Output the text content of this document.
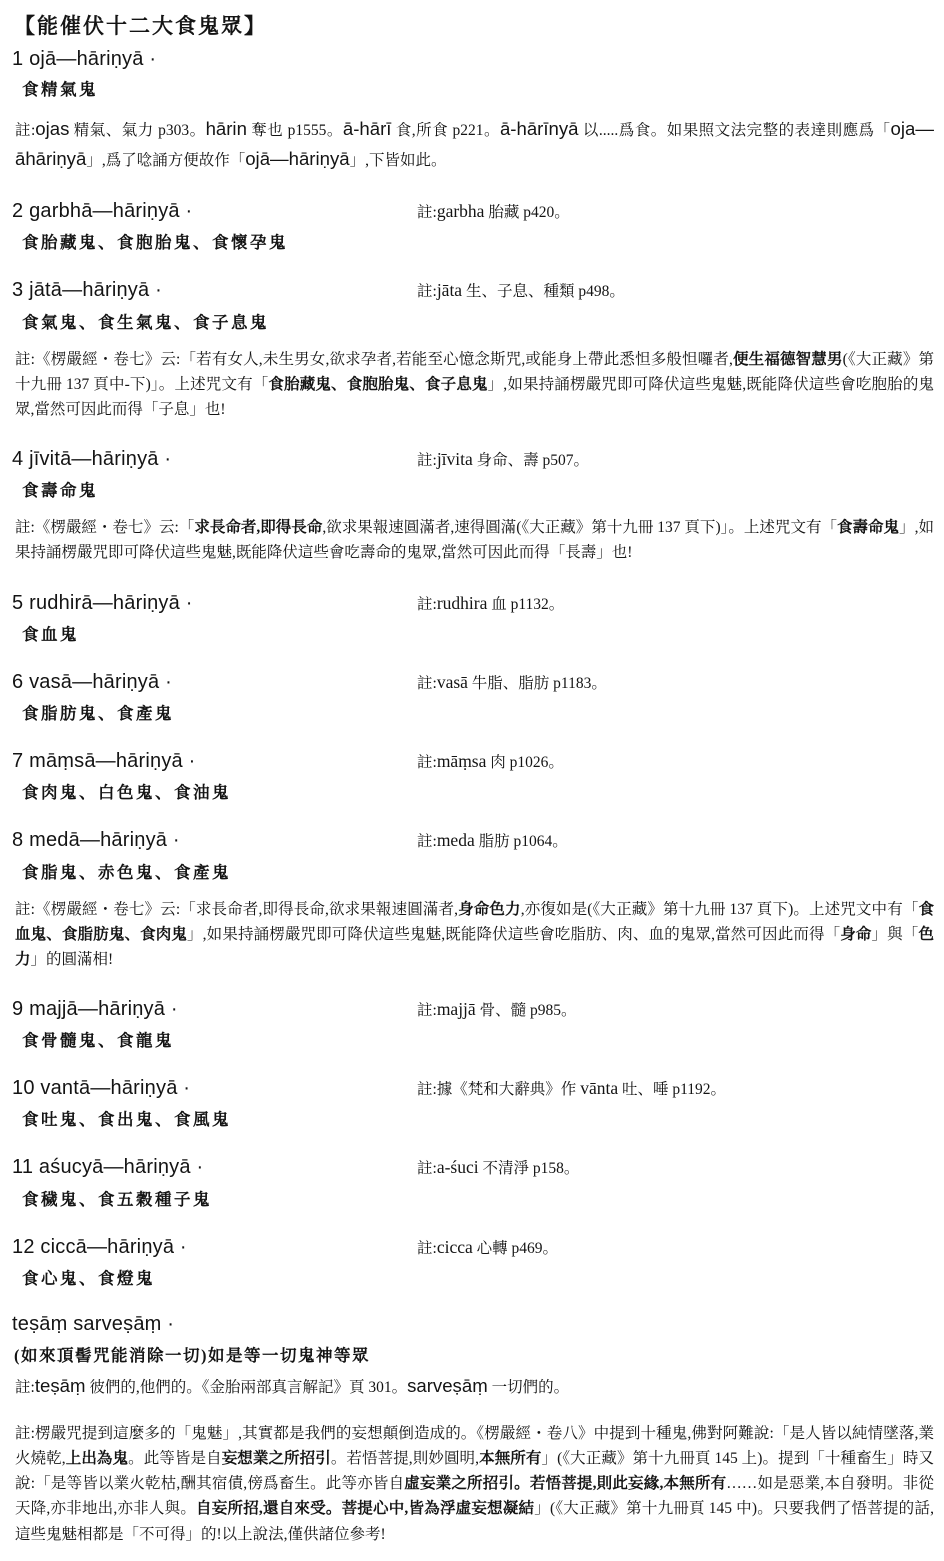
【能催伏十二大食鬼眾】
1 ojā—hāriṇyā ·
食精氣鬼

註:ojas 精氣、氣力 p303。hārin 奪也 p1555。ā-hārī 食,所食 p221。ā-hārīnyā 以.....爲食。如果照文法完整的表達則應爲「oja—āhāriṇyā」,爲了唸誦方便故作「ojā—hāriṇyā」,下皆如此。

2 garbhā—hāriṇyā ·	註:garbha 胎藏 p420。
食胎藏鬼、食胞胎鬼、食懷孕鬼
3 jātā—hāriṇyā ·	註:jāta 生、子息、種類 p498。
食氣鬼、食生氣鬼、食子息鬼

註:《楞嚴經・卷七》云:「若有女人,未生男女,欲求孕者,若能至心憶念斯咒,或能身上帶此悉怛多般怛囉者,便生福德智慧男(《大正藏》第十九冊 137 頁中-下)」。上述咒文有「食胎藏鬼、食胞胎鬼、食子息鬼」,如果持誦楞嚴咒即可降伏這些鬼魅,既能降伏這些會吃胞胎的鬼眾,當然可因此而得「子息」也!

4 jīvitā—hāriṇyā ·	註:jīvita 身命、壽 p507。
食壽命鬼

註:《楞嚴經・卷七》云:「求長命者,即得長命,欲求果報速圓滿者,速得圓滿(《大正藏》第十九冊 137 頁下)」。上述咒文有「食壽命鬼」,如果持誦楞嚴咒即可降伏這些鬼魅,既能降伏這些會吃壽命的鬼眾,當然可因此而得「長壽」也!

5 rudhirā—hāriṇyā ·	註:rudhira 血 p1132。
食血鬼
6 vasā—hāriṇyā ·	註:vasā 牛脂、脂肪 p1183。
食脂肪鬼、食產鬼
7 māṃsā—hāriṇyā ·	註:māṃsa 肉 p1026。
食肉鬼、白色鬼、食油鬼
8 medā—hāriṇyā ·	註:meda 脂肪 p1064。
食脂鬼、赤色鬼、食產鬼

註:《楞嚴經・卷七》云:「求長命者,即得長命,欲求果報速圓滿者,身命色力,亦復如是(《大正藏》第十九冊 137 頁下)。上述咒文中有「食血鬼、食脂肪鬼、食肉鬼」,如果持誦楞嚴咒即可降伏這些鬼魅,既能降伏這些會吃脂肪、肉、血的鬼眾,當然可因此而得「身命」與「色力」的圓滿相!

9 majjā—hāriṇyā ·	註:majjā 骨、髓 p985。
食骨髓鬼、食龍鬼
10 vantā—hāriṇyā ·	註:據《梵和大辭典》作 vānta 吐、唾 p1192。
食吐鬼、食出鬼、食風鬼
11 aśucyā—hāriṇyā ·	註:a-śuci 不清淨 p158。
食穢鬼、食五穀種子鬼
12 ciccā—hāriṇyā ·	註:cicca 心轉 p469。
食心鬼、食燈鬼
teṣāṃ sarveṣāṃ ·
(如來頂髻咒能消除一切)如是等一切鬼神等眾

註:teṣāṃ 彼們的,他們的。《金胎兩部真言解記》頁 301。sarveṣāṃ 一切們的。

註:楞嚴咒提到這麼多的「鬼魅」,其實都是我們的妄想顛倒造成的。《楞嚴經・卷八》中提到十種鬼,佛對阿難說:「是人皆以純情墜落,業火燒乾,上出為鬼。此等皆是自妄想業之所招引。若悟菩提,則妙圓明,本無所有」(《大正藏》第十九冊頁 145 上)。提到「十種畜生」時又說:「是等皆以業火乾枯,酬其宿債,傍爲畜生。此等亦皆自虛妄業之所招引。若悟菩提,則此妄緣,本無所有……如是惡業,本自發明。非從天降,亦非地出,亦非人與。自妄所招,還自來受。菩提心中,皆為浮虛妄想凝結」(《大正藏》第十九冊頁 145 中)。只要我們了悟菩提的話,這些鬼魅相都是「不可得」的!以上說法,僅供諸位參考!
